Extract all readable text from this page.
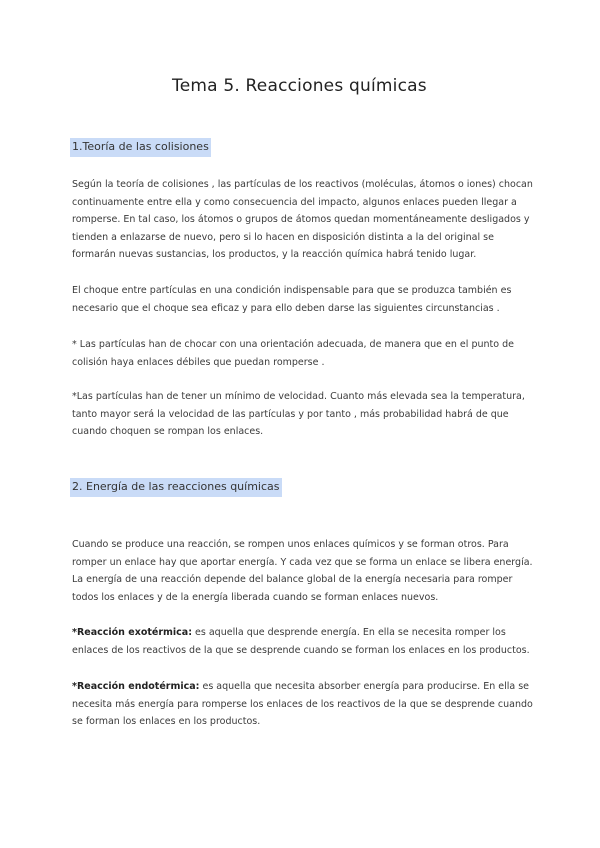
Tema 5. Reacciones químicas
1.Teoría de las colisiones

Según la teoría de colisiones , las partículas de los reactivos (moléculas, átomos o iones) chocan continuamente entre ella y como consecuencia del impacto, algunos enlaces pueden llegar a romperse. En tal caso, los átomos o grupos de átomos quedan momentáneamente desligados y tienden a enlazarse de nuevo, pero si lo hacen en disposición distinta a la del original se formarán nuevas sustancias, los productos, y la reacción química habrá tenido lugar.

El choque entre partículas en una condición indispensable para que se produzca también es necesario que el choque sea eficaz y para ello deben darse las siguientes circunstancias .

* Las partículas han de chocar con una orientación adecuada, de manera que en el punto de colisión haya enlaces débiles que puedan romperse .

*Las partículas han de tener un mínimo de velocidad. Cuanto más elevada sea la temperatura, tanto mayor será la velocidad de las partículas y por tanto , más probabilidad habrá de que cuando choquen se rompan los enlaces.

2. Energía de las reacciones químicas

Cuando se produce una reacción, se rompen unos enlaces químicos y se forman otros. Para romper un enlace hay que aportar energía. Y cada vez que se forma un enlace se libera energía. La energía de una reacción depende del balance global de la energía necesaria para romper todos los enlaces y de la energía liberada cuando se forman enlaces nuevos.

*Reacción exotérmica: es aquella que desprende energía. En ella se necesita romper los enlaces de los reactivos de la que se desprende cuando se forman los enlaces en los productos.

*Reacción endotérmica: es aquella que necesita absorber energía para producirse. En ella se necesita más energía para romperse los enlaces de los reactivos de la que se desprende cuando se forman los enlaces en los productos.
